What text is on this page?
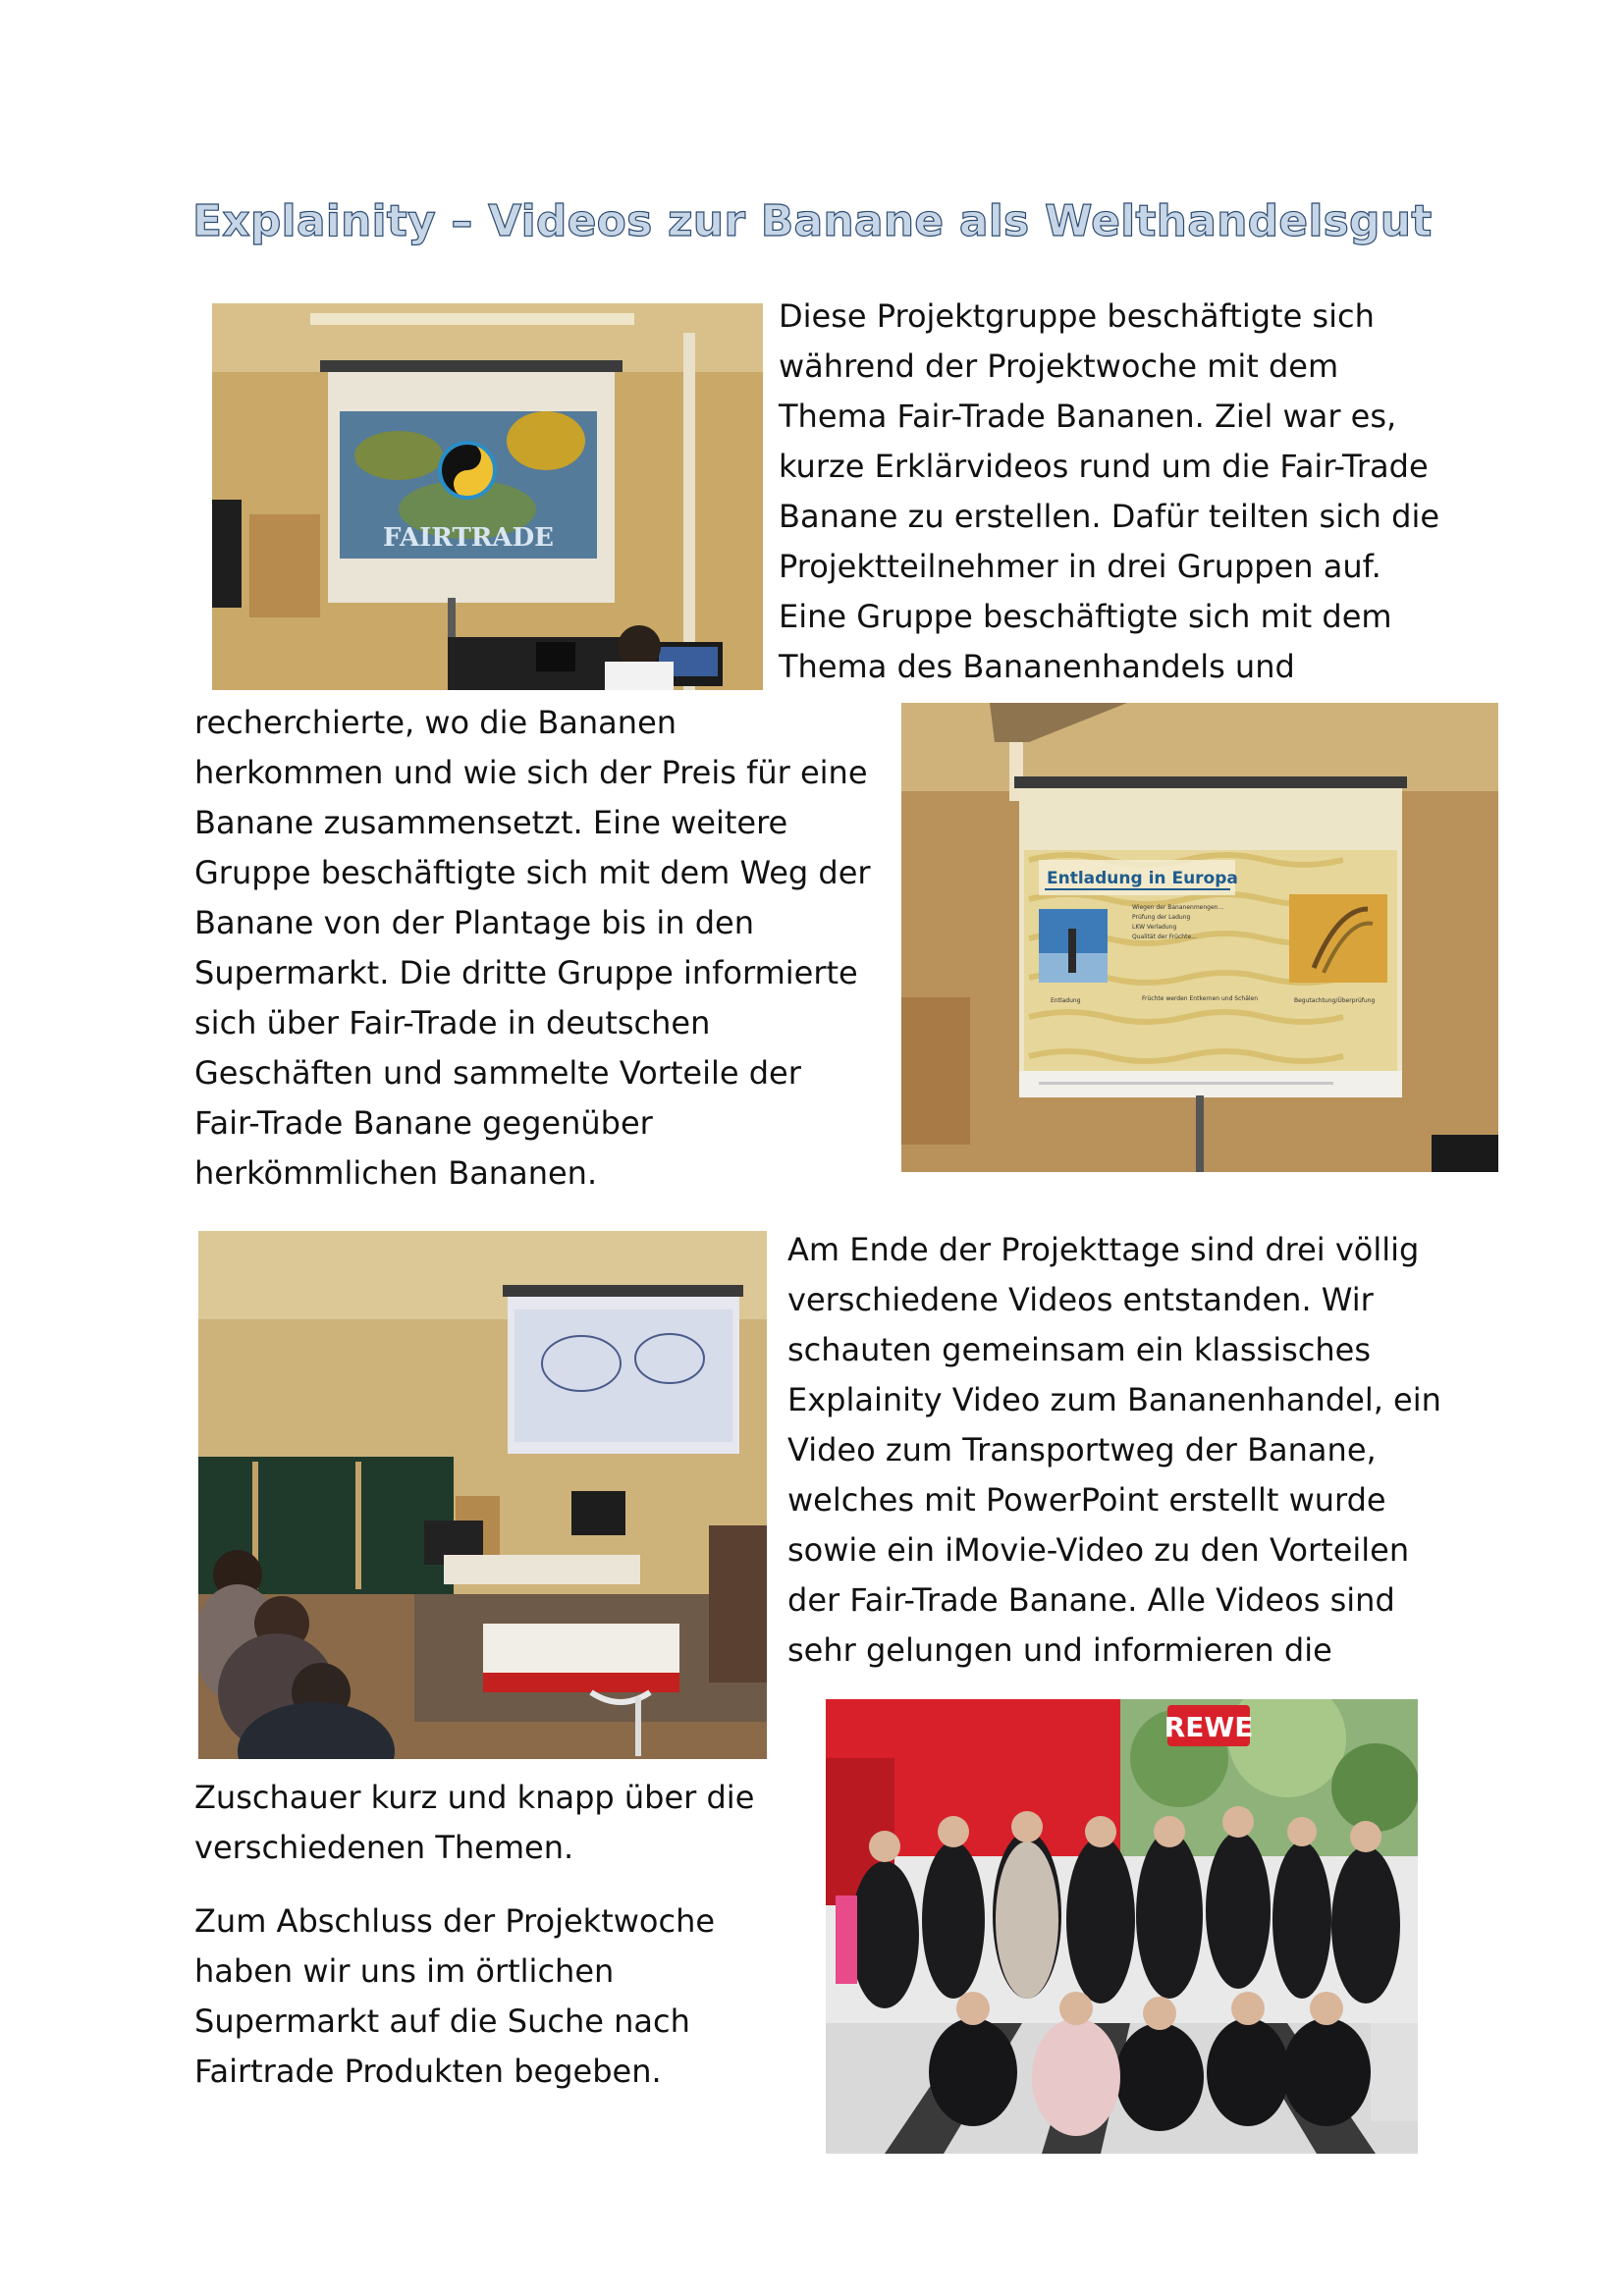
Explainity – Videos zur Banane als Welthandelsgut
FAIRTRADE
Diese Projektgruppe beschäftigte sich
während der Projektwoche mit dem
Thema Fair-Trade Bananen. Ziel war es,
kurze Erklärvideos rund um die Fair-Trade
Banane zu erstellen. Dafür teilten sich die
Projektteilnehmer in drei Gruppen auf.
Eine Gruppe beschäftigte sich mit dem
Thema des Bananenhandels und
recherchierte, wo die Bananen
herkommen und wie sich der Preis für eine
Banane zusammensetzt. Eine weitere
Gruppe beschäftigte sich mit dem Weg der
Banane von der Plantage bis in den
Supermarkt. Die dritte Gruppe informierte
sich über Fair-Trade in deutschen
Geschäften und sammelte Vorteile der
Fair-Trade Banane gegenüber
herkömmlichen Bananen.
Entladung in Europa
Wiegen der Bananenmengen...
Prüfung der Ladung
LKW Verladung
Qualität der Früchte...
Entladung	Früchte werden Entkernen und Schälen	Begutachtung/Überprüfung
Am Ende der Projekttage sind drei völlig
verschiedene Videos entstanden. Wir
schauten gemeinsam ein klassisches
Explainity Video zum Bananenhandel, ein
Video zum Transportweg der Banane,
welches mit PowerPoint erstellt wurde
sowie ein iMovie-Video zu den Vorteilen
der Fair-Trade Banane. Alle Videos sind
sehr gelungen und informieren die
Zuschauer kurz und knapp über die
verschiedenen Themen.
Zum Abschluss der Projektwoche
haben wir uns im örtlichen
Supermarkt auf die Suche nach
Fairtrade Produkten begeben.
REWE
